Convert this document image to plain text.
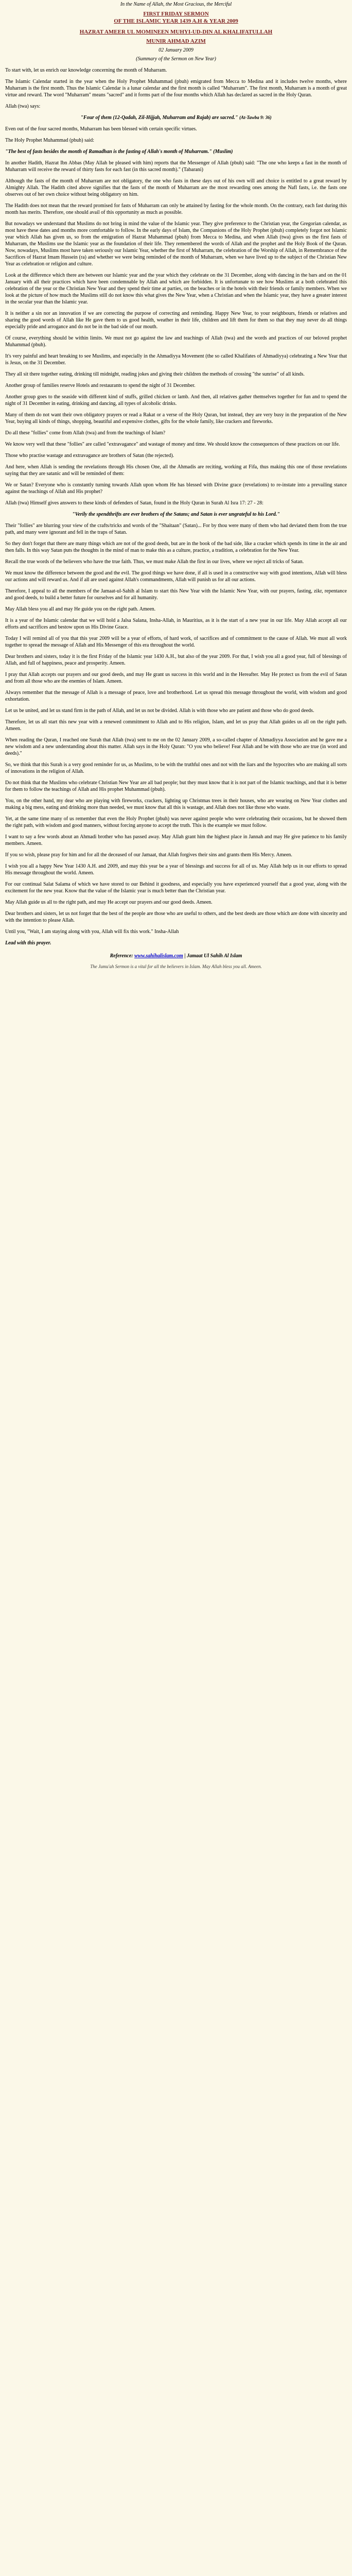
In the Name of Allah, the Most Gracious, the Merciful
FIRST FRIDAY SERMON
OF THE ISLAMIC YEAR 1439 A.H & YEAR 2009
HAZRAT AMEER UL MOMINEEN MUHYI-UD-DIN AL KHALIFATULLAH
MUNIR AHMAD AZIM
02 January 2009
(Summary of the Sermon on New Year)

To start with, let us enrich our knowledge concerning the month of Muharram.

The Islamic Calendar started in the year when the Holy Prophet Muhammad (pbuh) emigrated from Mecca to Medina and it includes twelve months, where Muharram is the first month. Thus the Islamic Calendar is a lunar calendar and the first month is called "Muharram". The first month, Muharram is a month of great virtue and reward. The word "Muharram" means "sacred" and it forms part of the four months which Allah has declared as sacred in the Holy Quran.

Allah (twa) says:

"Four of them (12-Qadah, Zil-Hijjah, Muharram and Rajab) are sacred." (At-Tawba 9: 36)

Even out of the four sacred months, Muharram has been blessed with certain specific virtues.

The Holy Prophet Muhammad (pbuh) said:

"The best of fasts besides the month of Ramadhan is the fasting of Allah's month of Muharram." (Muslim)

In another Hadith, Hazrat Ibn Abbas (May Allah be pleased with him) reports that the Messenger of Allah (pbuh) said: "The one who keeps a fast in the month of Muharram will receive the reward of thirty fasts for each fast (in this sacred month)." (Tabarani)

Although the fasts of the month of Muharram are not obligatory, the one who fasts in these days out of his own will and choice is entitled to a great reward by Almighty Allah. The Hadith cited above signifies that the fasts of the month of Muharram are the most rewarding ones among the Nafl fasts, i.e. the fasts one observes out of her own choice without being obligatory on him.

The Hadith does not mean that the reward promised for fasts of Muharram can only be attained by fasting for the whole month. On the contrary, each fast during this month has merits. Therefore, one should avail of this opportunity as much as possible.

But nowadays we understand that Muslims do not bring in mind the value of the Islamic year. They give preference to the Christian year, the Gregorian calendar, as most have these dates and months more comfortable to follow. In the early days of Islam, the Companions of the Holy Prophet (pbuh) completely forgot not Islamic year which Allah has given us, so from the emigration of Hazrat Muhammad (pbuh) from Mecca to Medina, and when Allah (twa) gives us the first fasts of Muharram, the Muslims use the Islamic year as the foundation of their life. They remembered the words of Allah and the prophet and the Holy Book of the Quran. Now, nowadays, Muslims most have taken seriously our Islamic Year, whether the first of Muharram, the celebration of the Worship of Allah, in Remembrance of the Sacrifices of Hazrat Imam Hussein (ra) and whether we were being reminded of the month of Muharram, when we have lived up to the subject of the Christian New Year as celebration or religion and culture.

Look at the difference which there are between our Islamic year and the year which they celebrate on the 31 December, along with dancing in the bars and on the 01 January with all their practices which have been condemnable by Allah and which are forbidden. It is unfortunate to see how Muslims at a both celebrated this celebration of the year or the Christian New Year and they spend their time at parties, on the beaches or in the hotels with their friends or family members. When we look at the picture of how much the Muslims still do not know this what gives the New Year, when a Christian and when the Islamic year, they have a greater interest in the secular year than the Islamic year.

It is neither a sin nor an innovation if we are correcting the purpose of correcting and reminding. Happy New Year, to your neighbours, friends or relatives and sharing the good words of Allah like He gave them to us good health, weather in their life, children and lift them for them so that they may never do all things especially pride and arrogance and do not be in the bad side of our mouth.

Of course, everything should be within limits. We must not go against the law and teachings of Allah (twa) and the words and practices of our beloved prophet Muhammad (pbuh).

It's very painful and heart breaking to see Muslims, and especially in the Ahmadiyya Movement (the so called Khalifates of Ahmadiyya) celebrating a New Year that is Jesus, on the 31 December.

They all sit there together eating, drinking till midnight, reading jokes and giving their children the methods of crossing "the sunrise" of all kinds.

Another group of families reserve Hotels and restaurants to spend the night of 31 December.

Another group goes to the seaside with different kind of stuffs, grilled chicken or lamb. And then, all relatives gather themselves together for fun and to spend the night of 31 December in eating, drinking and dancing, all types of alcoholic drinks.

Many of them do not want their own obligatory prayers or read a Rakat or a verse of the Holy Quran, but instead, they are very busy in the preparation of the New Year, buying all kinds of things, shopping, beautiful and expensive clothes, gifts for the whole family, like crackers and fireworks.

Do all these "follies" come from Allah (twa) and from the teachings of Islam?

We know very well that these "follies" are called "extravagance" and wastage of money and time. We should know the consequences of these practices on our life.

Those who practise wastage and extravagance are brothers of Satan (the rejected).

And here, when Allah is sending the revelations through His chosen One, all the Ahmadis are reciting, working at Fifa, thus making this one of those revelations saying that they are satanic and will be reminded of them:

We or Satan? Everyone who is constantly turning towards Allah upon whom He has blessed with Divine grace (revelations) to re-instate into a prevailing stance against the teachings of Allah and His prophet?

Allah (twa) Himself gives answers to these kinds of defenders of Satan, found in the Holy Quran in Surah Al Isra 17: 27 - 28:

"Verily the spendthrifts are ever brothers of the Satans; and Satan is ever ungrateful to his Lord."

Their "follies" are blurring your view of the crafts/tricks and words of the "Shaitaan" (Satan)... For by thou were many of them who had deviated them from the true path, and many were ignorant and fell in the traps of Satan.

So they don't forget that there are many things which are not of the good deeds, but are in the book of the bad side, like a cracker which spends its time in the air and then falls. In this way Satan puts the thoughts in the mind of man to make this as a culture, practice, a tradition, a celebration for the New Year.

Recall the true words of the believers who have the true faith. Thus, we must make Allah the first in our lives, where we reject all tricks of Satan.

We must know the difference between the good and the evil. The good things we have done, if all is used in a constructive way with good intentions, Allah will bless our actions and will reward us. And if all are used against Allah's commandments, Allah will punish us for all our actions.

Therefore, I appeal to all the members of the Jamaat-ul-Sahih al Islam to start this New Year with the Islamic New Year, with our prayers, fasting, zikr, repentance and good deeds, to build a better future for ourselves and for all humanity.

May Allah bless you all and may He guide you on the right path. Ameen.

It is a year of the Islamic calendar that we will hold a Jalsa Salana, Insha-Allah, in Mauritius, as it is the start of a new year in our life. May Allah accept all our efforts and sacrifices and bestow upon us His Divine Grace.

Today I will remind all of you that this year 2009 will be a year of efforts, of hard work, of sacrifices and of commitment to the cause of Allah. We must all work together to spread the message of Allah and His Messenger of this era throughout the world.

Dear brothers and sisters, today it is the first Friday of the Islamic year 1430 A.H., but also of the year 2009. For that, I wish you all a good year, full of blessings of Allah, and full of happiness, peace and prosperity. Ameen.

I pray that Allah accepts our prayers and our good deeds, and may He grant us success in this world and in the Hereafter. May He protect us from the evil of Satan and from all those who are the enemies of Islam. Ameen.

Always remember that the message of Allah is a message of peace, love and brotherhood. Let us spread this message throughout the world, with wisdom and good exhortation.

Let us be united, and let us stand firm in the path of Allah, and let us not be divided. Allah is with those who are patient and those who do good deeds.

Therefore, let us all start this new year with a renewed commitment to Allah and to His religion, Islam, and let us pray that Allah guides us all on the right path. Ameen.

When reading the Quran, I reached one Surah that Allah (twa) sent to me on the 02 January 2009, a so-called chapter of Ahmadiyya Association and he gave me a new wisdom and a new understanding about this matter. Allah says in the Holy Quran: "O you who believe! Fear Allah and be with those who are true (in word and deeds)."

So, we think that this Surah is a very good reminder for us, as Muslims, to be with the truthful ones and not with the liars and the hypocrites who are making all sorts of innovations in the religion of Allah.

Do not think that the Muslims who celebrate Christian New Year are all bad people; but they must know that it is not part of the Islamic teachings, and that it is better for them to follow the teachings of Allah and His prophet Muhammad (pbuh).

You, on the other hand, my dear who are playing with fireworks, crackers, lighting up Christmas trees in their houses, who are wearing on New Year clothes and making a big mess, eating and drinking more than needed, we must know that all this is wastage, and Allah does not like those who waste.

Yet, at the same time many of us remember that even the Holy Prophet (pbuh) was never against people who were celebrating their occasions, but he showed them the right path, with wisdom and good manners, without forcing anyone to accept the truth. This is the example we must follow.

I want to say a few words about an Ahmadi brother who has passed away. May Allah grant him the highest place in Jannah and may He give patience to his family members. Ameen.

If you so wish, please pray for him and for all the deceased of our Jamaat, that Allah forgives their sins and grants them His Mercy. Ameen.

I wish you all a happy New Year 1430 A.H. and 2009, and may this year be a year of blessings and success for all of us. May Allah help us in our efforts to spread His message throughout the world. Ameen.

For our continual Salat Salama of which we have stored to our Behind it goodness, and especially you have experienced yourself that a good year, along with the excitement for the new year. Know that the value of the Islamic year is much better than the Christian year.

May Allah guide us all to the right path, and may He accept our prayers and our good deeds. Ameen.

Dear brothers and sisters, let us not forget that the best of the people are those who are useful to others, and the best deeds are those which are done with sincerity and with the intention to please Allah.

Until you, "Wait, I am staying along with you, Allah will fix this work." Insha-Allah

Lead with this prayer.

Reference: www.sahihalislam.com | Jamaat Ul Sahih Al Islam
The Jumu'ah Sermon is a vital for all the believers in Islam. May Allah bless you all. Ameen.
